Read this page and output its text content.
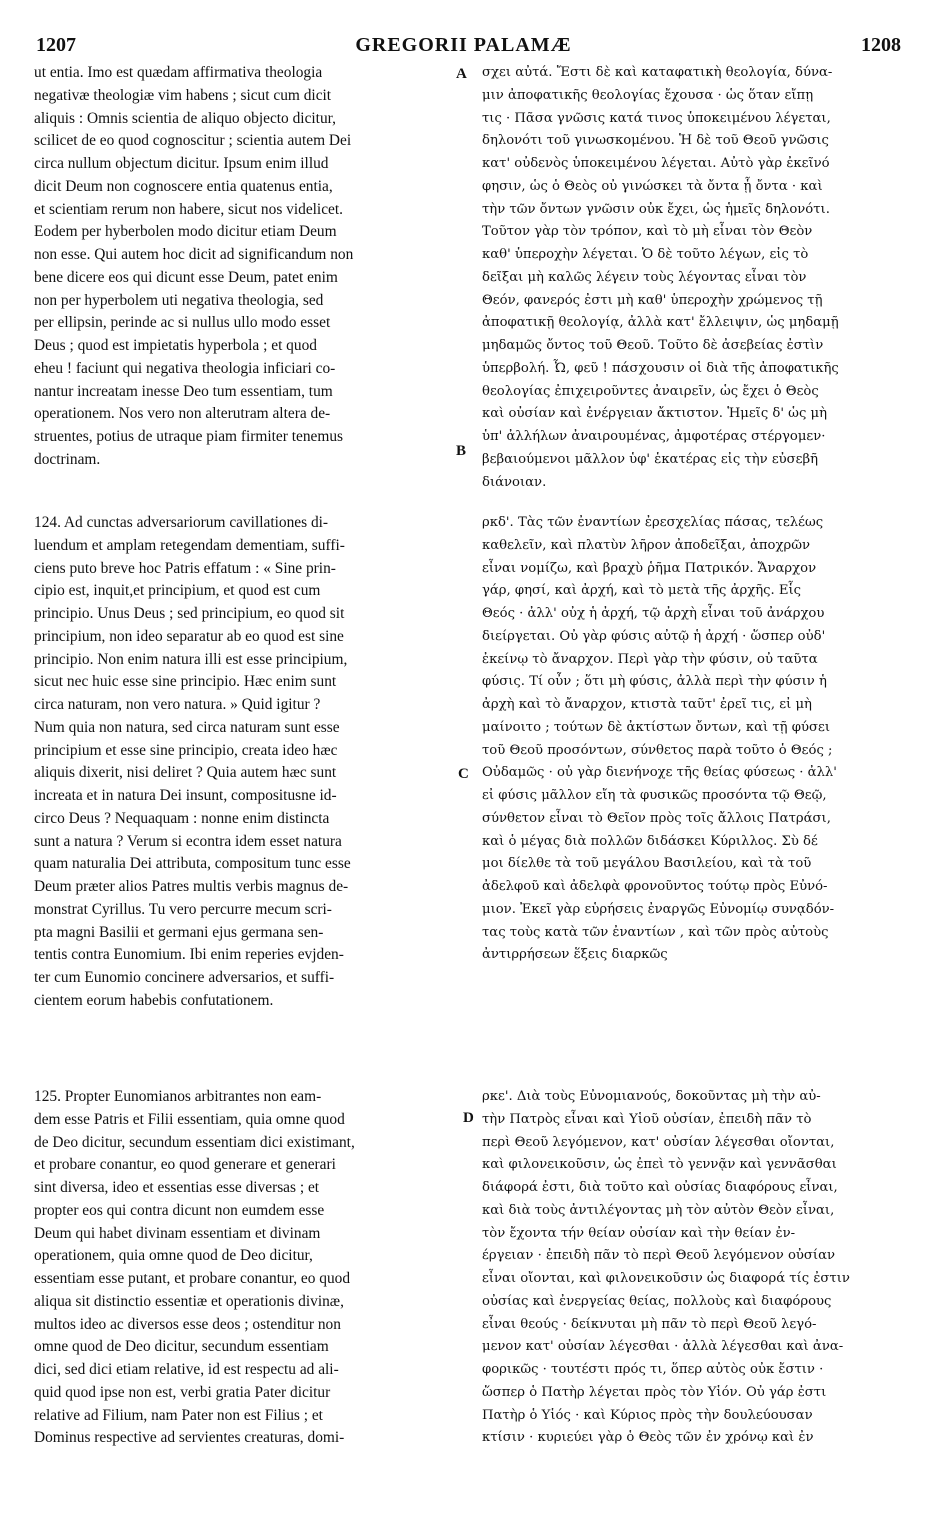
1207	GREGORII PALAMÆ	1208
A
B
C
D
ut entia. Imo est quædam affirmativa theologia
negativæ theologiæ vim habens ; sicut cum dicit
aliquis : Omnis scientia de aliquo objecto dicitur,
scilicet de eo quod cognoscitur ; scientia autem Dei
circa nullum objectum dicitur. Ipsum enim illud
dicit Deum non cognoscere entia quatenus entia,
et scientiam rerum non habere, sicut nos videlicet.
Eodem per hyberbolen modo dicitur etiam Deum
non esse. Qui autem hoc dicit ad significandum non
bene dicere eos qui dicunt esse Deum, patet enim
non per hyperbolem uti negativa theologia, sed
per ellipsin, perinde ac si nullus ullo modo esset
Deus ; quod est impietatis hyperbola ; et quod
eheu ! faciunt qui negativa theologia inficiari co-
nantur increatam inesse Deo tum essentiam, tum
operationem. Nos vero non alterutram altera de-
struentes, potius de utraque piam firmiter tenemus
doctrinam.
124. Ad cunctas adversariorum cavillationes di-
luendum et amplam retegendam dementiam, suffi-
ciens puto breve hoc Patris effatum : « Sine prin-
cipio est, inquit,et principium, et quod est cum
principio. Unus Deus ; sed principium, eo quod sit
principium, non ideo separatur ab eo quod est sine
principio. Non enim natura illi est esse principium,
sicut nec huic esse sine principio. Hæc enim sunt
circa naturam, non vero natura. » Quid igitur ?
Num quia non natura, sed circa naturam sunt esse
principium et esse sine principio, creata ideo hæc
aliquis dixerit, nisi deliret ? Quia autem hæc sunt
increata et in natura Dei insunt, compositusne id-
circo Deus ? Nequaquam : nonne enim distincta
sunt a natura ? Verum si econtra idem esset natura
quam naturalia Dei attributa, compositum tunc esse
Deum præter alios Patres multis verbis magnus de-
monstrat Cyrillus. Tu vero percurre mecum scri-
pta magni Basilii et germani ejus germana sen-
tentis contra Eunomium. Ibi enim reperies evjden-
ter cum Eunomio concinere adversarios, et suffi-
cientem eorum habebis confutationem.
125. Propter Eunomianos arbitrantes non eam-
dem esse Patris et Filii essentiam, quia omne quod
de Deo dicitur, secundum essentiam dici existimant,
et probare conantur, eo quod generare et generari
sint diversa, ideo et essentias esse diversas ; et
propter eos qui contra dicunt non eumdem esse
Deum qui habet divinam essentiam et divinam
operationem, quia omne quod de Deo dicitur,
essentiam esse putant, et probare conantur, eo quod
aliqua sit distinctio essentiæ et operationis divinæ,
multos ideo ac diversos esse deos ; ostenditur non
omne quod de Deo dicitur, secundum essentiam
dici, sed dici etiam relative, id est respectu ad ali-
quid quod ipse non est, verbi gratia Pater dicitur
relative ad Filium, nam Pater non est Filius ; et
Dominus respective ad servientes creaturas, domi-
σχει αὐτά. Ἔστι δὲ καὶ καταφατικὴ θεολογία, δύνα-
μιν ἀποφατικῆς θεολογίας ἔχουσα · ὡς ὅταν εἴπῃ
τις · Πᾶσα γνῶσις κατά τινος ὑποκειμένου λέγεται,
δηλονότι τοῦ γινωσκομένου. Ἡ δὲ τοῦ Θεοῦ γνῶσις
κατ' οὐδενὸς ὑποκειμένου λέγεται. Αὐτὸ γὰρ ἐκεῖνό
φησιν, ὡς ὁ Θεὸς οὐ γινώσκει τὰ ὄντα ᾗ ὄντα · καὶ
τὴν τῶν ὄντων γνῶσιν οὐκ ἔχει, ὡς ἡμεῖς δηλονότι.
Τοῦτον γὰρ τὸν τρόπον, καὶ τὸ μὴ εἶναι τὸν Θεὸν
καθ' ὑπεροχὴν λέγεται. Ὁ δὲ τοῦτο λέγων, εἰς τὸ
δεῖξαι μὴ καλῶς λέγειν τοὺς λέγοντας εἶναι τὸν
Θεόν, φανερός ἐστι μὴ καθ' ὑπεροχὴν χρώμενος τῇ
ἀποφατικῇ θεολογίᾳ, ἀλλὰ κατ' ἔλλειψιν, ὡς μηδαμῇ
μηδαμῶς ὄντος τοῦ Θεοῦ. Τοῦτο δὲ ἀσεβείας ἐστὶν
ὑπερβολή. Ὦ, φεῦ ! πάσχουσιν οἱ διὰ τῆς ἀποφατικῆς
θεολογίας ἐπιχειροῦντες ἀναιρεῖν, ὡς ἔχει ὁ Θεὸς
καὶ οὐσίαν καὶ ἐνέργειαν ἄκτιστον. Ἡμεῖς δ' ὡς μὴ
ὑπ' ἀλλήλων ἀναιρουμένας, ἀμφοτέρας στέργομεν·
βεβαιούμενοι μᾶλλον ὑφ' ἑκατέρας εἰς τὴν εὐσεβῆ
διάνοιαν.
ρκδ'. Τὰς τῶν ἐναντίων ἐρεσχελίας πάσας, τελέως
καθελεῖν, καὶ πλατὺν λῆρον ἀποδεῖξαι, ἀποχρῶν
εἶναι νομίζω, καὶ βραχὺ ῥῆμα Πατρικόν. Ἄναρχον
γάρ, φησί, καὶ ἀρχή, καὶ τὸ μετὰ τῆς ἀρχῆς. Εἷς
Θεός · ἀλλ' οὐχ ἡ ἀρχή, τῷ ἀρχὴ εἶναι τοῦ ἀνάρχου
διείργεται. Οὐ γὰρ φύσις αὐτῷ ἡ ἀρχή · ὥσπερ οὐδ'
ἐκείνῳ τὸ ἄναρχον. Περὶ γὰρ τὴν φύσιν, οὐ ταῦτα
φύσις. Τί οὖν ; ὅτι μὴ φύσις, ἀλλὰ περὶ τὴν φύσιν ἡ
ἀρχὴ καὶ τὸ ἄναρχον, κτιστὰ ταῦτ' ἐρεῖ τις, εἰ μὴ
μαίνοιτο ; τούτων δὲ ἀκτίστων ὄντων, καὶ τῇ φύσει
τοῦ Θεοῦ προσόντων, σύνθετος παρὰ τοῦτο ὁ Θεός ;
Οὐδαμῶς · οὐ γὰρ διενήνοχε τῆς θείας φύσεως · ἀλλ'
εἰ φύσις μᾶλλον εἴη τὰ φυσικῶς προσόντα τῷ Θεῷ,
σύνθετον εἶναι τὸ Θεῖον πρὸς τοῖς ἄλλοις Πατράσι,
καὶ ὁ μέγας διὰ πολλῶν διδάσκει Κύριλλος. Σὺ δέ
μοι δίελθε τὰ τοῦ μεγάλου Βασιλείου, καὶ τὰ τοῦ
ἀδελφοῦ καὶ ἀδελφὰ φρονοῦντος τούτῳ πρὸς Εὐνό-
μιον. Ἐκεῖ γὰρ εὑρήσεις ἐναργῶς Εὐνομίῳ συνᾳδόν-
τας τοὺς κατὰ τῶν ἐναντίων , καὶ τῶν πρὸς αὐτοὺς
ἀντιρρήσεων ἕξεις διαρκῶς
ρκε'. Διὰ τοὺς Εὐνομιανούς, δοκοῦντας μὴ τὴν αὐ-
τὴν Πατρὸς εἶναι καὶ Υἱοῦ οὐσίαν, ἐπειδὴ πᾶν τὸ
περὶ Θεοῦ λεγόμενον, κατ' οὐσίαν λέγεσθαι οἴονται,
καὶ φιλονεικοῦσιν, ὡς ἐπεὶ τὸ γεννᾷν καὶ γεννᾶσθαι
διάφορά ἐστι, διὰ τοῦτο καὶ οὐσίας διαφόρους εἶναι,
καὶ διὰ τοὺς ἀντιλέγοντας μὴ τὸν αὐτὸν Θεὸν εἶναι,
τὸν ἔχοντα τήν θείαν οὐσίαν καὶ τὴν θείαν ἐν-
έργειαν · ἐπειδὴ πᾶν τὸ περὶ Θεοῦ λεγόμενον οὐσίαν
εἶναι οἴονται, καὶ φιλονεικοῦσιν ὡς διαφορά τίς ἐστιν
οὐσίας καὶ ἐνεργείας θείας, πολλοὺς καὶ διαφόρους
εἶναι θεούς · δείκνυται μὴ πᾶν τὸ περὶ Θεοῦ λεγό-
μενον κατ' οὐσίαν λέγεσθαι · ἀλλὰ λέγεσθαι καὶ ἀνα-
φορικῶς · τουτέστι πρός τι, ὅπερ αὐτὸς οὐκ ἔστιν ·
ὥσπερ ὁ Πατὴρ λέγεται πρὸς τὸν Υἱόν. Οὐ γάρ ἐστι
Πατὴρ ὁ Υἱός · καὶ Κύριος πρὸς τὴν δουλεύουσαν
κτίσιν · κυριεύει γὰρ ὁ Θεὸς τῶν ἐν χρόνῳ καὶ ἐν
